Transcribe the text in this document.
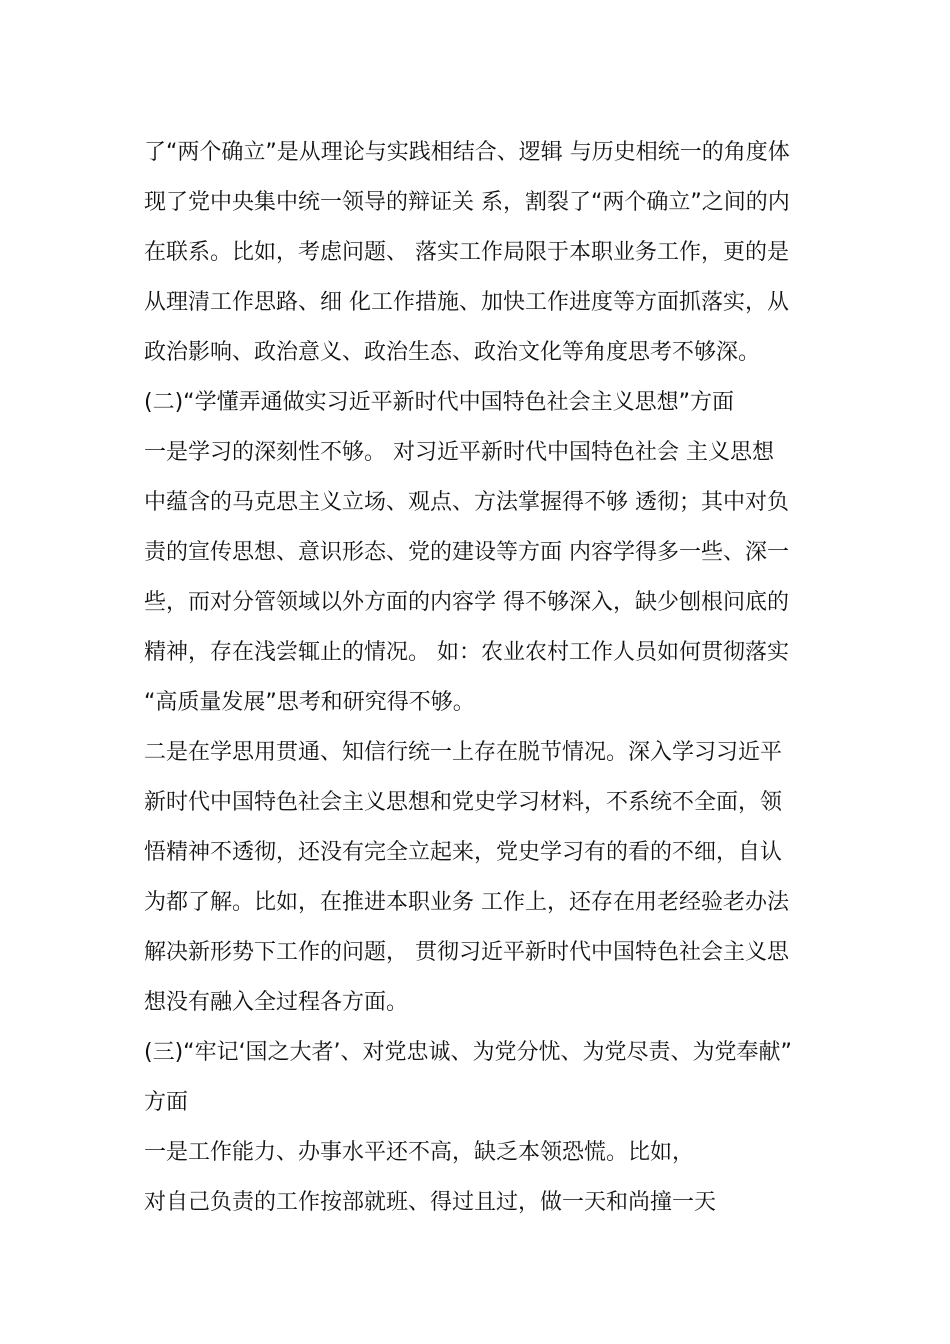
了“两个确立”是从理论与实践相结合、逻辑 与历史相统一的角度体
现了党中央集中统一领导的辩证关 系，割裂了“两个确立”之间的内
在联系。比如，考虑问题、 落实工作局限于本职业务工作，更的是
从理清工作思路、细 化工作措施、加快工作进度等方面抓落实，从
政治影响、政治意义、政治生态、政治文化等角度思考不够深。
(二)“学懂弄通做实习近平新时代中国特色社会主义思想”方面
一是学习的深刻性不够。 对习近平新时代中国特色社会 主义思想
中蕴含的马克思主义立场、观点、方法掌握得不够 透彻；其中对负
责的宣传思想、意识形态、党的建设等方面 内容学得多一些、深一
些，而对分管领域以外方面的内容学 得不够深入，缺少刨根问底的
精神，存在浅尝辄止的情况。 如：农业农村工作人员如何贯彻落实
“高质量发展”思考和研究得不够。
二是在学思用贯通、知信行统一上存在脱节情况。深入学习习近平
新时代中国特色社会主义思想和党史学习材料，不系统不全面，领
悟精神不透彻，还没有完全立起来，党史学习有的看的不细，自认
为都了解。比如，在推进本职业务 工作上，还存在用老经验老办法
解决新形势下工作的问题， 贯彻习近平新时代中国特色社会主义思
想没有融入全过程各方面。
(三)“牢记‘国之大者’、对党忠诚、为党分忧、为党尽责、为党奉献”
方面
一是工作能力、办事水平还不高，缺乏本领恐慌。比如，
对自己负责的工作按部就班、得过且过，做一天和尚撞一天
